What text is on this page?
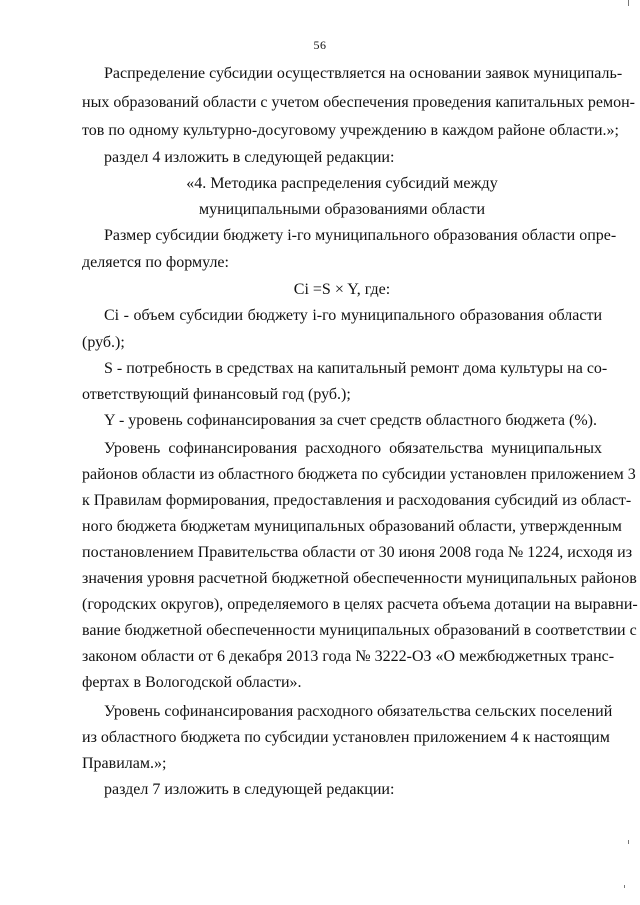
56
Распределение субсидии осуществляется на основании заявок муниципаль-
ных образований области с учетом обеспечения проведения капитальных ремон-
тов по одному культурно-досуговому учреждению в каждом районе области.»;
раздел 4 изложить в следующей редакции:
«4. Методика распределения субсидий между
муниципальными образованиями области
Размер субсидии бюджету i-го муниципального образования области опре-
деляется по формуле:
Ci =S × Y, где:
Ci - объем субсидии бюджету i-го муниципального образования области
(руб.);
S - потребность в средствах на капитальный ремонт дома культуры на со-
ответствующий финансовый год (руб.);
Y - уровень софинансирования за счет средств областного бюджета (%).
Уровень софинансирования расходного обязательства муниципальных
районов области из областного бюджета по субсидии установлен приложением 3
к Правилам формирования, предоставления и расходования субсидий из област-
ного бюджета бюджетам муниципальных образований области, утвержденным
постановлением Правительства области от 30 июня 2008 года № 1224, исходя из
значения уровня расчетной бюджетной обеспеченности муниципальных районов
(городских округов), определяемого в целях расчета объема дотации на выравни-
вание бюджетной обеспеченности муниципальных образований в соответствии с
законом области от 6 декабря 2013 года № 3222-ОЗ «О межбюджетных транс-
фертах в Вологодской области».
Уровень софинансирования расходного обязательства сельских поселений
из областного бюджета по субсидии установлен приложением 4 к настоящим
Правилам.»;
раздел 7 изложить в следующей редакции:
